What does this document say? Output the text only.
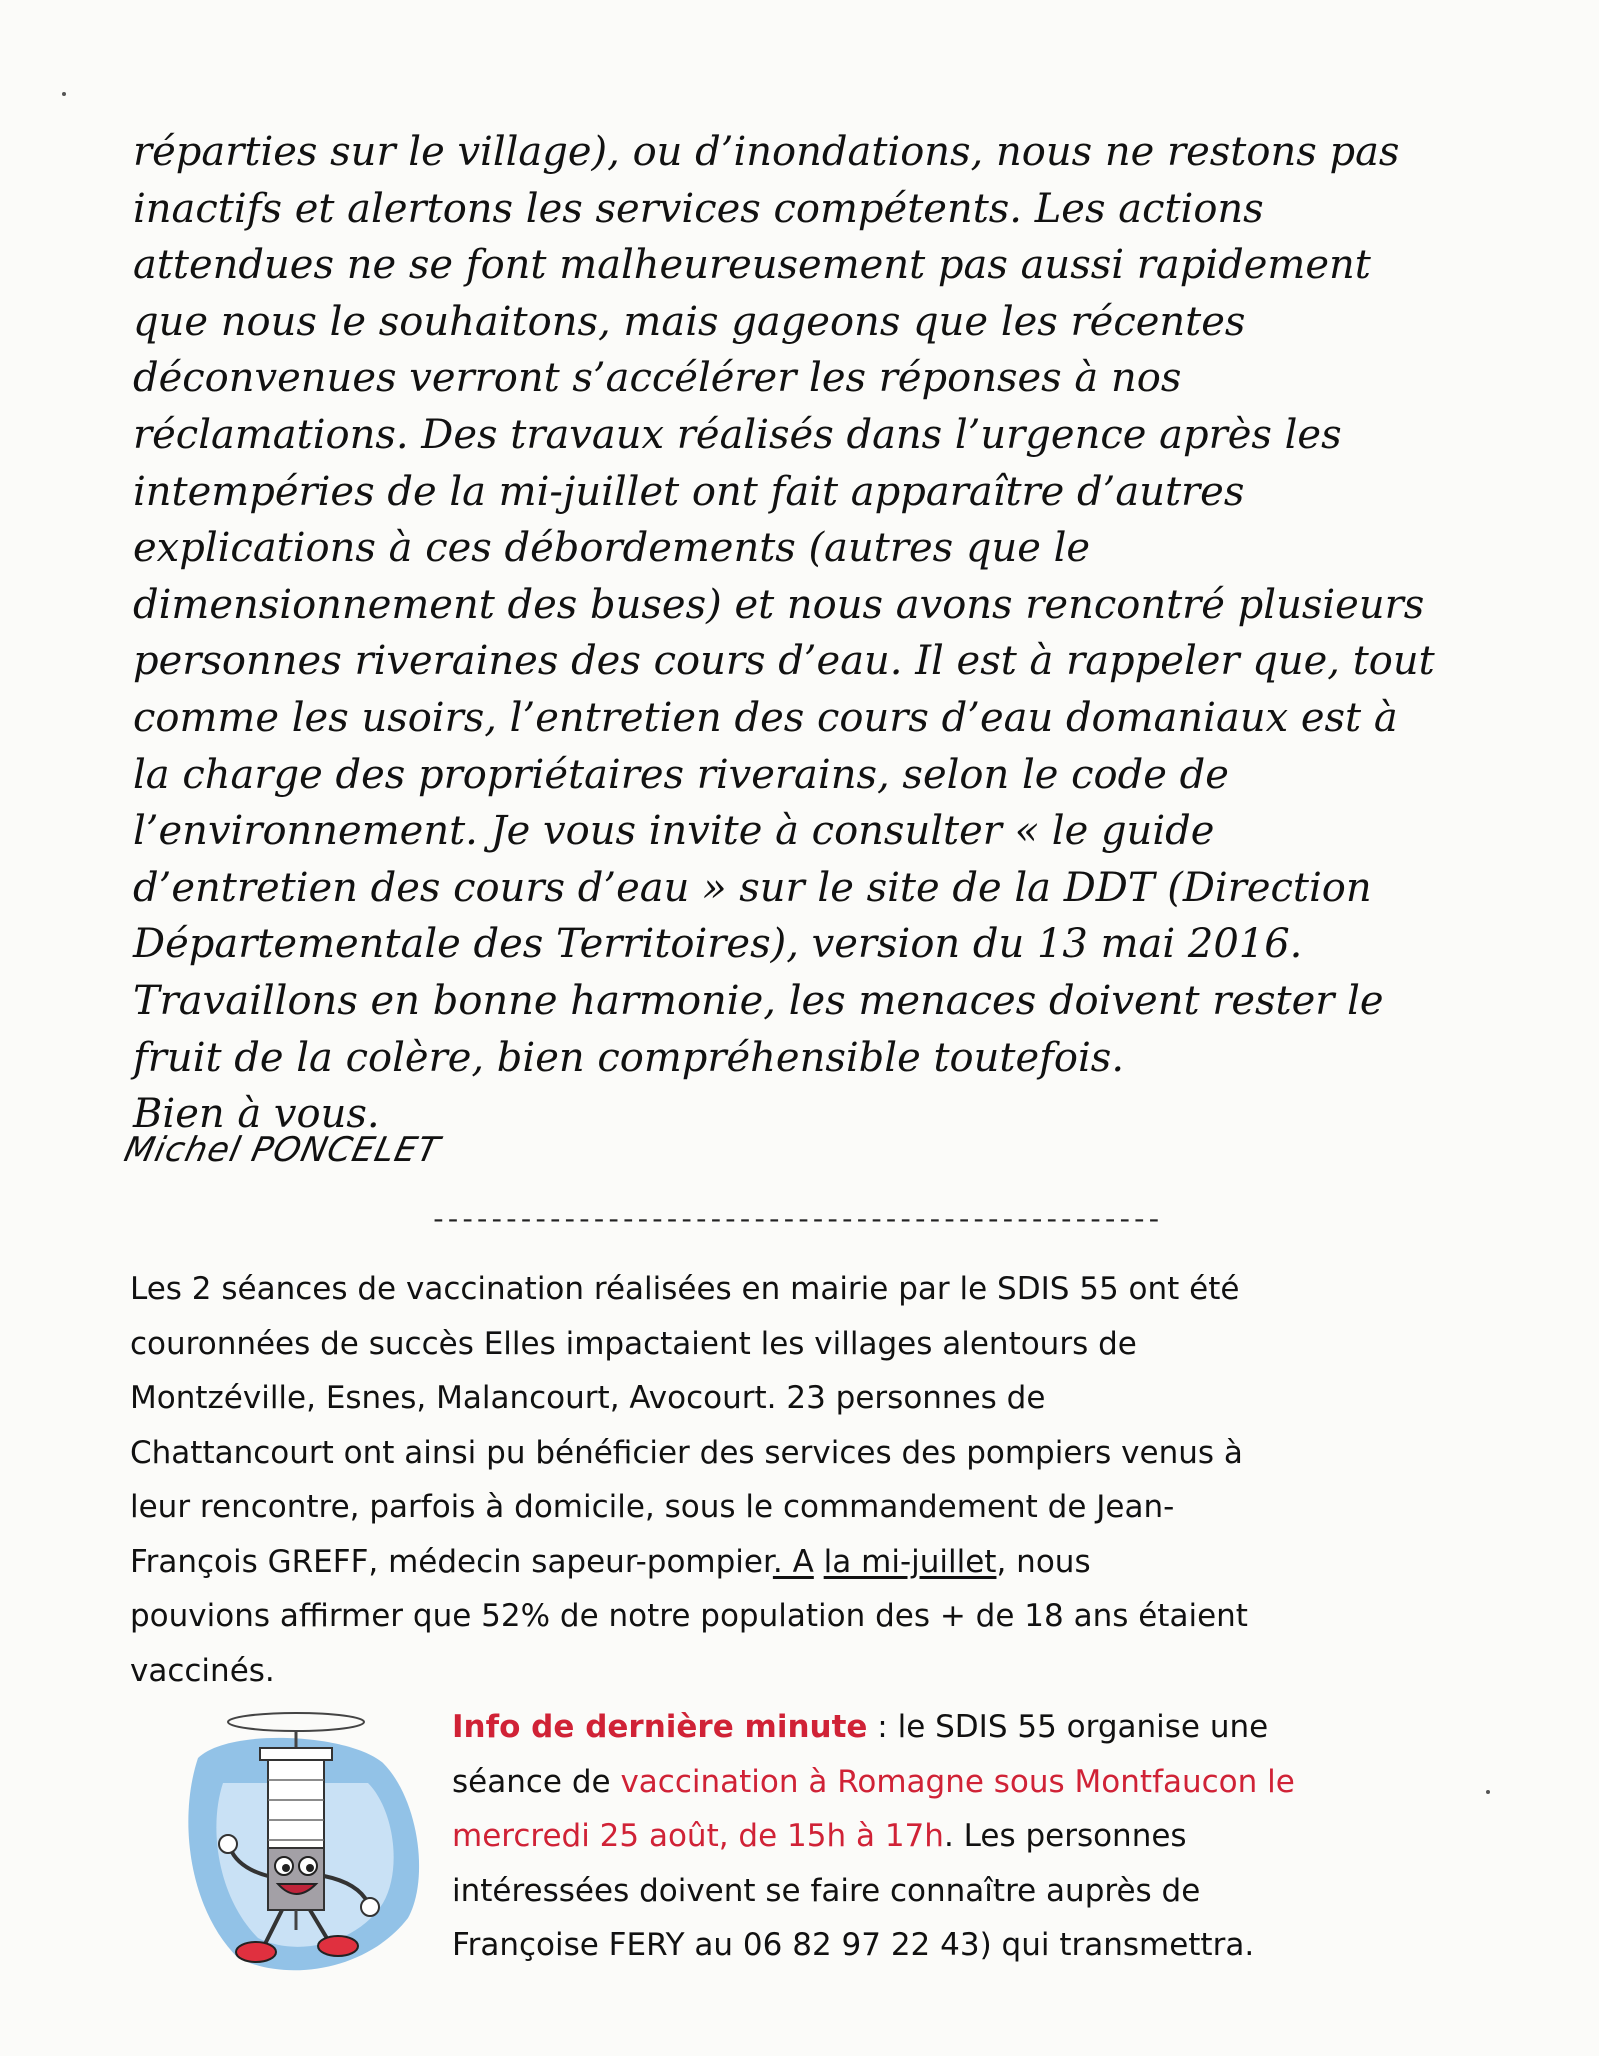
réparties sur le village), ou d’inondations, nous ne restons pas
inactifs et alertons les services compétents. Les actions
attendues ne se font malheureusement pas aussi rapidement
que nous le souhaitons, mais gageons que les récentes
déconvenues verront s’accélérer les réponses à nos
réclamations. Des travaux réalisés dans l’urgence après les
intempéries de la mi-juillet ont fait apparaître d’autres
explications à ces débordements (autres que le
dimensionnement des buses) et nous avons rencontré plusieurs
personnes riveraines des cours d’eau. Il est à rappeler que, tout
comme les usoirs, l’entretien des cours d’eau domaniaux est à
la charge des propriétaires riverains, selon le code de
l’environnement. Je vous invite à consulter « le guide
d’entretien des cours d’eau » sur le site de la DDT (Direction
Départementale des Territoires), version du 13 mai 2016.
Travaillons en bonne harmonie, les menaces doivent rester le
fruit de la colère, bien compréhensible toutefois.
Bien à vous.
Michel PONCELET
--------------------------------------------------
Les 2 séances de vaccination réalisées en mairie par le SDIS 55 ont été
couronnées de succès Elles impactaient les villages alentours de
Montzéville, Esnes, Malancourt, Avocourt. 23 personnes de
Chattancourt ont ainsi pu bénéficier des services des pompiers venus à
leur rencontre, parfois à domicile, sous le commandement de Jean-
François GREFF, médecin sapeur-pompier. A la mi-juillet, nous
pouvions affirmer que 52% de notre population des + de 18 ans étaient
vaccinés.
Info de dernière minute : le SDIS 55 organise une
séance de vaccination à Romagne sous Montfaucon le
mercredi 25 août, de 15h à 17h. Les personnes
intéressées doivent se faire connaître auprès de
Françoise FERY au 06 82 97 22 43) qui transmettra.
